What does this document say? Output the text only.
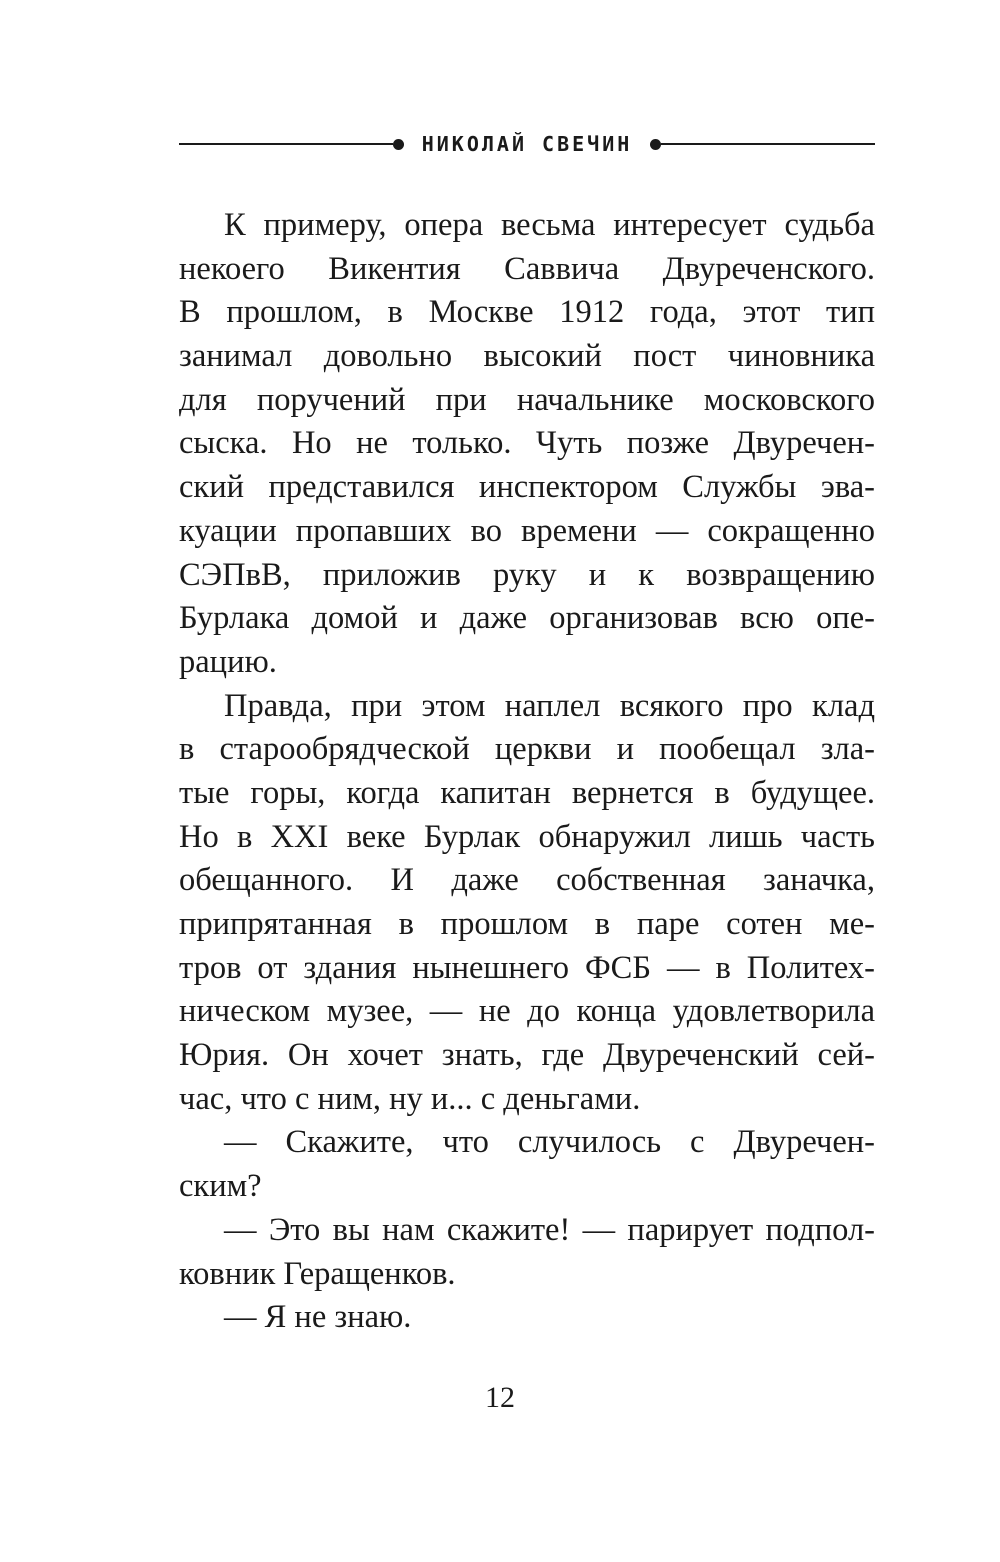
НИКОЛАЙ СВЕЧИН
К примеру, опера весьма интересует судьба
некоего Викентия Саввича Двуреченского.
В прошлом, в Москве 1912 года, этот тип
занимал довольно высокий пост чиновника
для поручений при начальнике московского
сыска. Но не только. Чуть позже Двуречен-
ский представился инспектором Службы эва-
куации пропавших во времени — сокращенно
СЭПвВ, приложив руку и к возвращению
Бурлака домой и даже организовав всю опе-
рацию.
Правда, при этом наплел всякого про клад
в старообрядческой церкви и пообещал зла-
тые горы, когда капитан вернется в будущее.
Но в XXI веке Бурлак обнаружил лишь часть
обещанного. И даже собственная заначка,
припрятанная в прошлом в паре сотен ме-
тров от здания нынешнего ФСБ — в Политех-
ническом музее, — не до конца удовлетворила
Юрия. Он хочет знать, где Двуреченский сей-
час, что с ним, ну и... с деньгами.
— Скажите, что случилось с Двуречен-
ским?
— Это вы нам скажите! — парирует подпол-
ковник Геращенков.
— Я не знаю.
12
